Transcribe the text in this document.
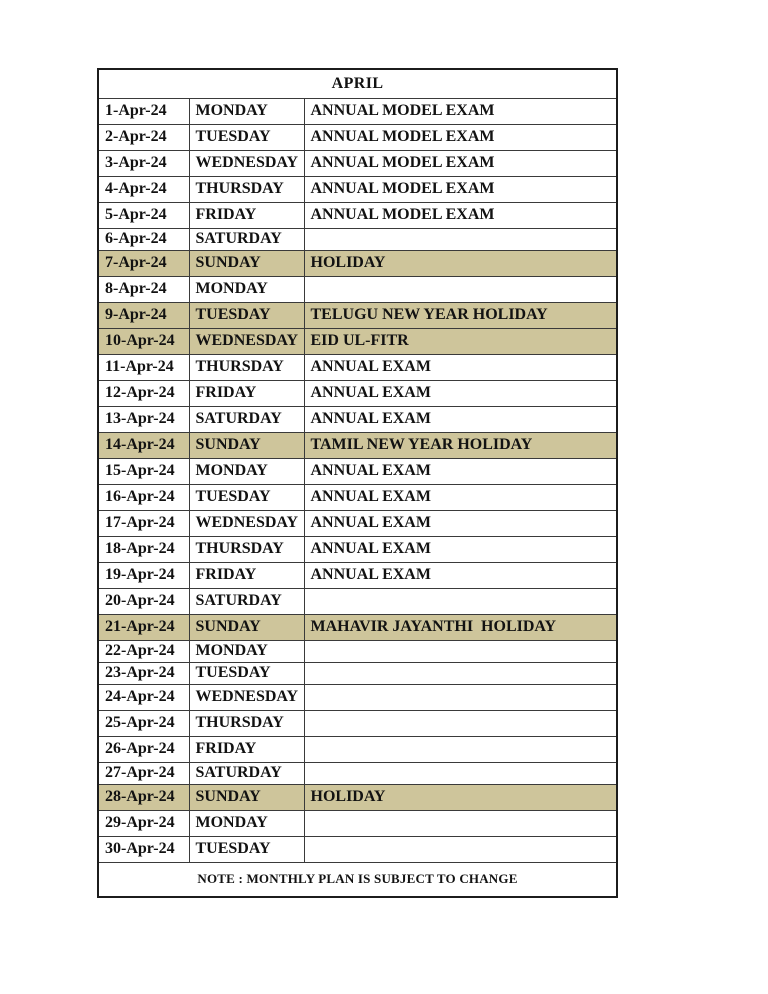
APRIL		
1-Apr-24	MONDAY	ANNUAL MODEL EXAM
2-Apr-24	TUESDAY	ANNUAL MODEL EXAM
3-Apr-24	WEDNESDAY	ANNUAL MODEL EXAM
4-Apr-24	THURSDAY	ANNUAL MODEL EXAM
5-Apr-24	FRIDAY	ANNUAL MODEL EXAM
6-Apr-24	SATURDAY	
7-Apr-24	SUNDAY	HOLIDAY
8-Apr-24	MONDAY	
9-Apr-24	TUESDAY	TELUGU NEW YEAR HOLIDAY
10-Apr-24	WEDNESDAY	EID UL-FITR
11-Apr-24	THURSDAY	ANNUAL EXAM
12-Apr-24	FRIDAY	ANNUAL EXAM
13-Apr-24	SATURDAY	ANNUAL EXAM
14-Apr-24	SUNDAY	TAMIL NEW YEAR HOLIDAY
15-Apr-24	MONDAY	ANNUAL EXAM
16-Apr-24	TUESDAY	ANNUAL EXAM
17-Apr-24	WEDNESDAY	ANNUAL EXAM
18-Apr-24	THURSDAY	ANNUAL EXAM
19-Apr-24	FRIDAY	ANNUAL EXAM
20-Apr-24	SATURDAY	
21-Apr-24	SUNDAY	MAHAVIR JAYANTHI  HOLIDAY
22-Apr-24	MONDAY	
23-Apr-24	TUESDAY	
24-Apr-24	WEDNESDAY	
25-Apr-24	THURSDAY	
26-Apr-24	FRIDAY	
27-Apr-24	SATURDAY	
28-Apr-24	SUNDAY	HOLIDAY
29-Apr-24	MONDAY	
30-Apr-24	TUESDAY	
NOTE : MONTHLY PLAN IS SUBJECT TO CHANGE		
